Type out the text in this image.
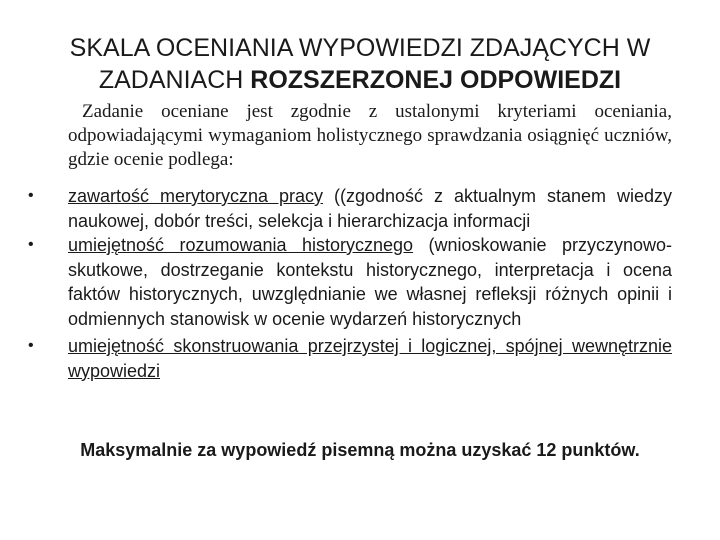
SKALA OCENIANIA WYPOWIEDZI ZDAJĄCYCH W
ZADANIACH ROZSZERZONEJ ODPOWIEDZI

Zadanie oceniane jest zgodnie z ustalonymi kryteriami oceniania, odpowiadającymi wymaganiom holistycznego sprawdzania osiągnięć uczniów, gdzie ocenie podlega:

• zawartość merytoryczna pracy ((zgodność z aktualnym stanem wiedzy naukowej, dobór treści, selekcja i hierarchizacja informacji
• umiejętność rozumowania historycznego (wnioskowanie przyczynowo-skutkowe, dostrzeganie kontekstu historycznego, interpretacja i ocena faktów historycznych, uwzględnianie we własnej refleksji różnych opinii i odmiennych stanowisk w ocenie wydarzeń historycznych
• umiejętność skonstruowania przejrzystej i logicznej, spójnej wewnętrznie wypowiedzi

Maksymalnie za wypowiedź pisemną można uzyskać 12 punktów.
